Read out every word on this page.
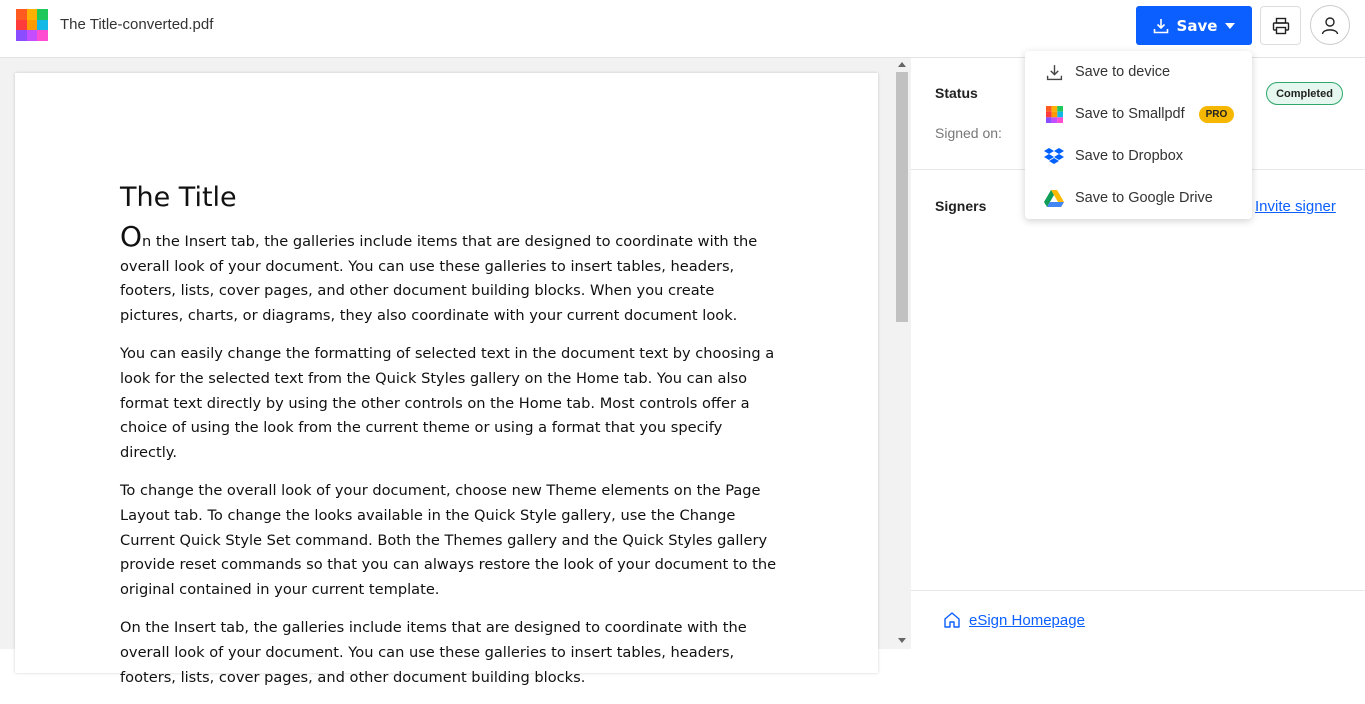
The Title-converted.pdf	Save
The Title

On the Insert tab, the galleries include items that are designed to coordinate with the overall look of your document. You can use these galleries to insert tables, headers, footers, lists, cover pages, and other document building blocks. When you create pictures, charts, or diagrams, they also coordinate with your current document look.

You can easily change the formatting of selected text in the document text by choosing a look for the selected text from the Quick Styles gallery on the Home tab. You can also format text directly by using the other controls on the Home tab. Most controls offer a choice of using the look from the current theme or using a format that you specify directly.

To change the overall look of your document, choose new Theme elements on the Page Layout tab. To change the looks available in the Quick Style gallery, use the Change Current Quick Style Set command. Both the Themes gallery and the Quick Styles gallery provide reset commands so that you can always restore the look of your document to the original contained in your current template.

On the Insert tab, the galleries include items that are designed to coordinate with the overall look of your document. You can use these galleries to insert tables, headers, footers, lists, cover pages, and other document building blocks.

Status	Completed
Signed on:
Signers	Invite signer
eSign Homepage
Save to device
Save to Smallpdf	PRO
Save to Dropbox
Save to Google Drive
